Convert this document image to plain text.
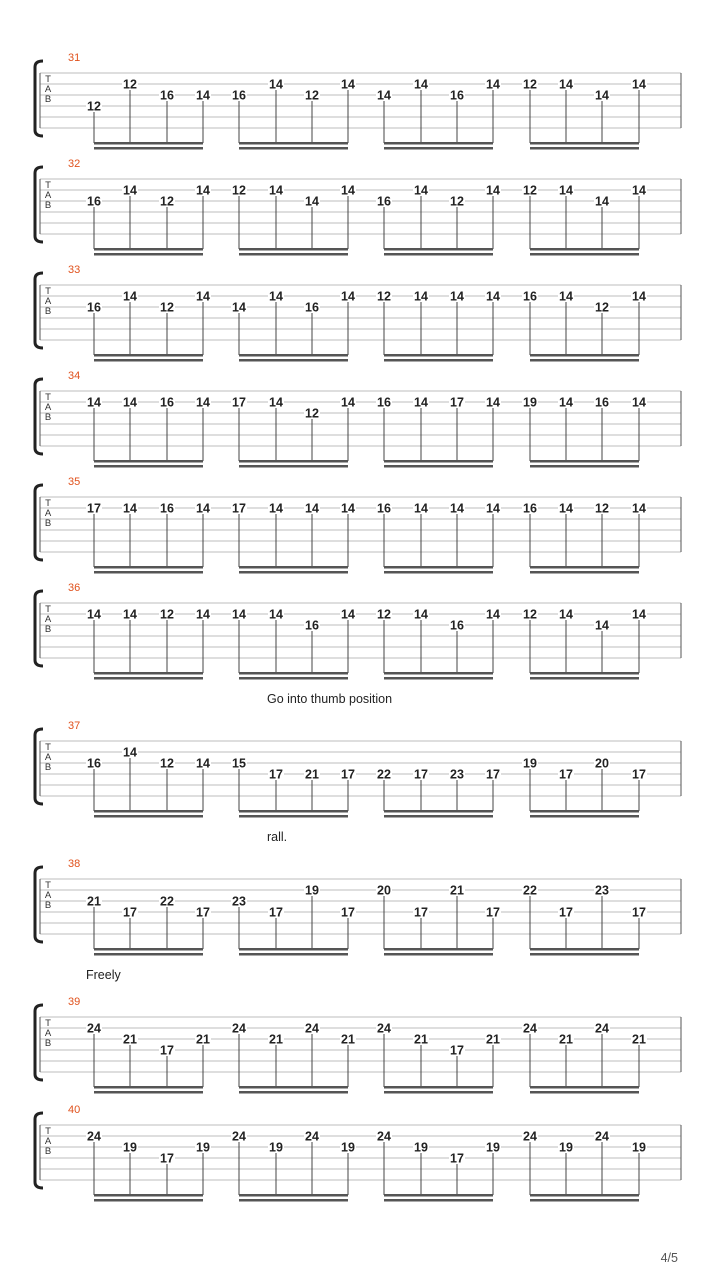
4/5
T
A
B
31
12
12
16 14 16
14
12
14
14
14
16
14 12 14
14
14
T
A
B
32
16
14
12
14 12 14
14
14
16
14
12
14 12 14
14
14
T
A
B
33
16
14
12
14
14
14
16
14 12 14 14 14 16 14
12
14
T
A
B
34
14 14 16 14 17 14
12
14 16 14 17 14 19 14 16 14
T
A
B
35
17 14 16 14 17 14 14 14 16 14 14 14 16 14 12 14
T
A
B
36
14 14 12 14 14 14
16
14 12 14
16
14 12 14
14
14
T
A
B
37
Go into thumb position
16
14
12 14 15
17 21 17 22 17 23 17
19
17
20
17
T
A
B
38
rall.
21
17
22
17
23
17
19
17
20
17
21
17
22
17
23
17
T
A
B
39
Freely
24
21
17
21
24
21
24
21
24
21
17
21
24
21
24
21
T
A
B
40
24
19
17
19
24
19
24
19
24
19
17
19
24
19
24
19
